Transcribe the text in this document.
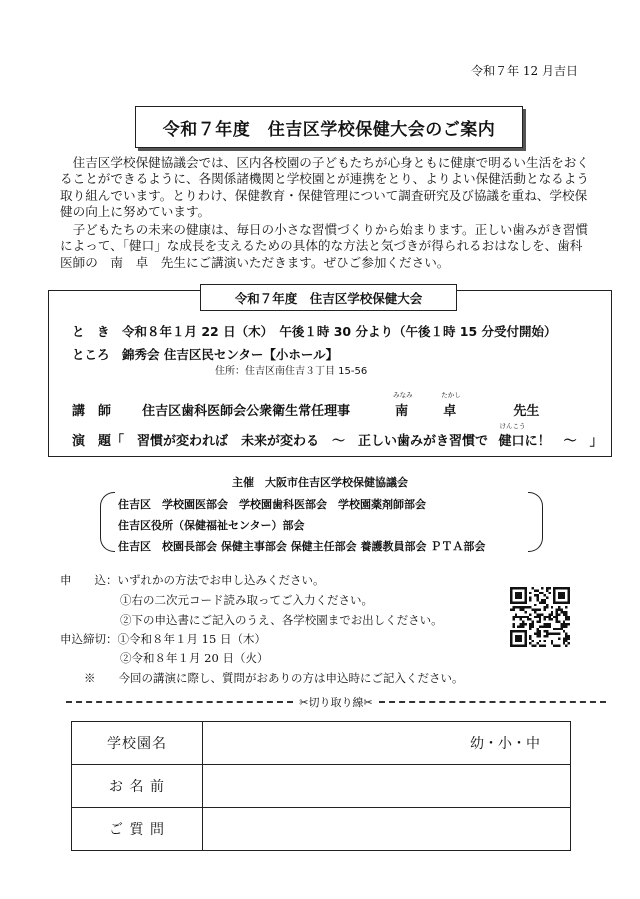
令和７年 12 月吉日
令和７年度　住吉区学校保健大会のご案内
住吉区学校保健協議会では、区内各校園の子どもたちが心身ともに健康で明るい生活をおくることができるように、各関係諸機関と学校園とが連携をとり、よりよい保健活動となるよう取り組んでいます。とりわけ、保健教育・保健管理について調査研究及び協議を重ね、学校保健の向上に努めています。
子どもたちの未来の健康は、毎日の小さな習慣づくりから始まります。正しい歯みがき習慣によって、「健口」な成長を支えるための具体的な方法と気づきが得られるおはなしを、歯科医師の　南　卓　先生にご講演いただきます。ぜひご参加ください。
令和７年度　住吉区学校保健大会
と　き　令和８年１月 22 日（木）　午後１時 30 分より（午後１時 15 分受付開始）
ところ　錦秀会 住吉区民センター【小ホール】
住所：住吉区南住吉３丁目 15-56
講　師 住吉区歯科医師会公衆衛生常任理事
みなみ
南
たかし
卓	先生
演　題「　習慣が変われば　未来が変わる　～　正しい歯みがき習慣で
けんこう
健口に！　～　」
主催　大阪市住吉区学校保健協議会
住吉区　学校園医部会　学校園歯科医部会　学校園薬剤師部会
住吉区役所（保健福祉センター）部会
住吉区　校園長部会 保健主事部会 保健主任部会 養護教員部会 ＰＴＡ部会
申　　込：いずれかの方法でお申し込みください。
①右の二次元コード読み取ってご入力ください。
②下の申込書にご記入のうえ、各学校園までお出しください。
申込締切：①令和８年１月 15 日（木）
②令和８年１月 20 日（火）
※　　今回の講演に際し、質問がおありの方は申込時にご記入ください。
✂切り取り線✂
学校園名	幼・小・中
お 名 前	
ご 質 問	
